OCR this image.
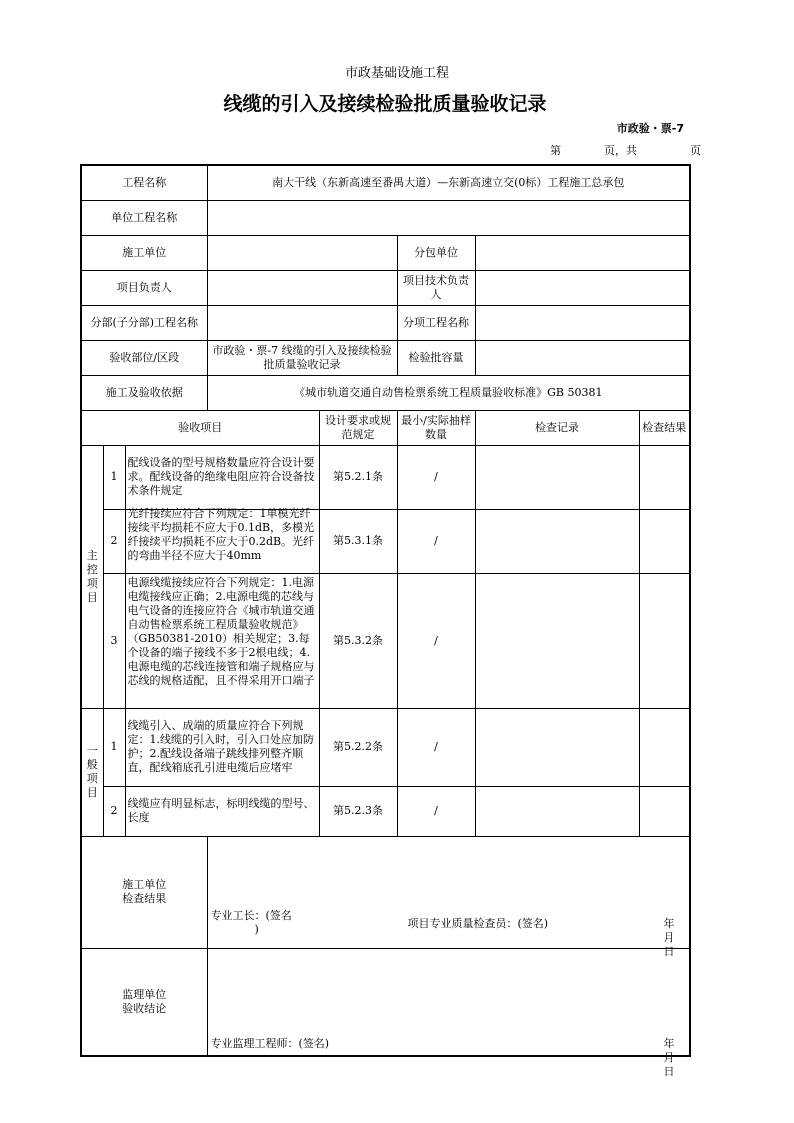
市政基础设施工程
线缆的引入及接续检验批质量验收记录
市政验・票-7
第	页，共	页
工程名称			南大干线（东新高速至番禺大道）—东新高速立交(0标）工程施工总承包				
单位工程名称							
施工单位					分包单位		
项目负责人					项目技术负责人		
分部(子分部)工程名称					分项工程名称		
验收部位/区段			市政验・票-7 线缆的引入及接续检验批质量验收记录		检验批容量		
施工及验收依据			《城市轨道交通自动售检票系统工程质量验收标准》GB 50381				
验收项目				设计要求或规范规定	最小/实际抽样数量	检查记录	检查结果

主控项目	1	配线设备的型号规格数量应符合设计要求。配线设备的绝缘电阻应符合设备技术条件规定		第5.2.1条	/		
	2	光纤接续应符合下列规定：1单模光纤接续平均损耗不应大于0.1dB，多模光纤接续平均损耗不应大于0.2dB。光纤的弯曲半径不应大于40mm		第5.3.1条	/		
	3	电源线缆接续应符合下列规定：1.电源电缆接线应正确；2.电源电缆的芯线与电气设备的连接应符合《城市轨道交通自动售检票系统工程质量验收规范》（GB50381-2010）相关规定；3.每个设备的端子接线不多于2根电线；4.电源电缆的芯线连接管和端子规格应与芯线的规格适配，且不得采用开口端子		第5.3.2条	/		

一般项目	1	线缆引入、成端的质量应符合下列规定：1.线缆的引入时，引入口处应加防护；2.配线设备端子跳线排列整齐顺直，配线箱底孔引进电缆后应堵牢		第5.2.2条	/		
	2	线缆应有明显标志，标明线缆的型号、长度		第5.2.3条	/		

施工单位检查结果			专业工长：(签名
) 项目专业质量检查员：(签名) 年　月　日				

监理单位验收结论			专业监理工程师：(签名) 年　月　日				
